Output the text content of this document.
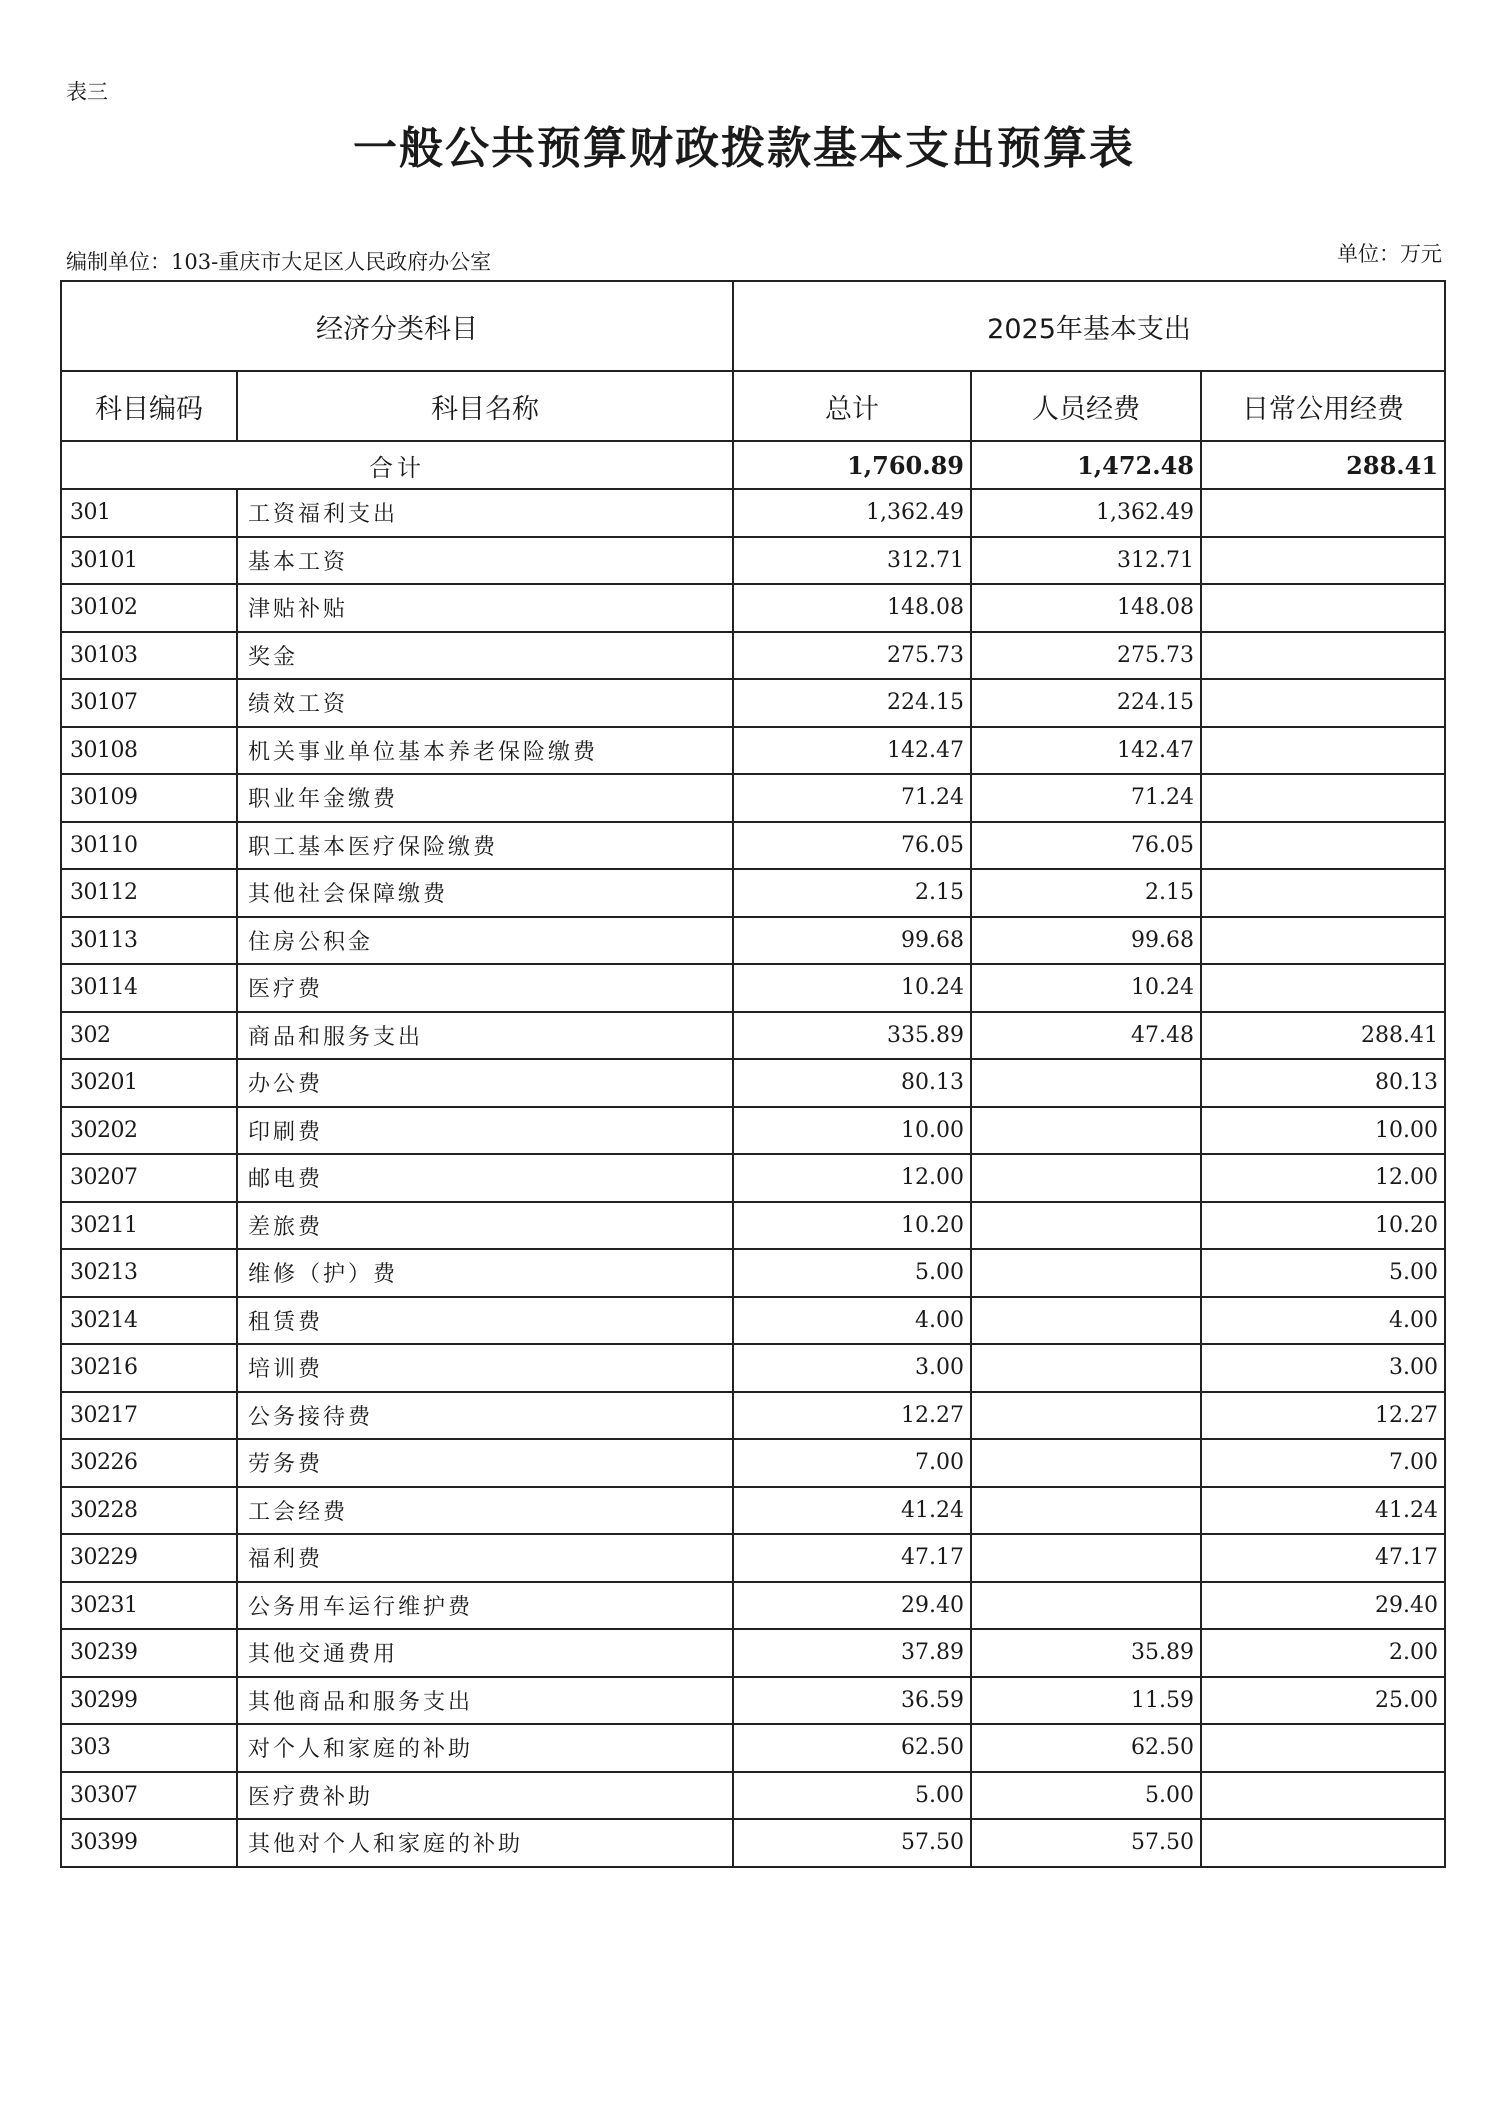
表三
一般公共预算财政拨款基本支出预算表
编制单位：103-重庆市大足区人民政府办公室	单位：万元
经济分类科目		2025年基本支出		
科目编码	科目名称	总计	人员经费	日常公用经费
合计		1,760.89	1,472.48	288.41
301	工资福利支出	1,362.49	1,362.49	
30101	基本工资	312.71	312.71	
30102	津贴补贴	148.08	148.08	
30103	奖金	275.73	275.73	
30107	绩效工资	224.15	224.15	
30108	机关事业单位基本养老保险缴费	142.47	142.47	
30109	职业年金缴费	71.24	71.24	
30110	职工基本医疗保险缴费	76.05	76.05	
30112	其他社会保障缴费	2.15	2.15	
30113	住房公积金	99.68	99.68	
30114	医疗费	10.24	10.24	
302	商品和服务支出	335.89	47.48	288.41
30201	办公费	80.13		80.13
30202	印刷费	10.00		10.00
30207	邮电费	12.00		12.00
30211	差旅费	10.20		10.20
30213	维修（护）费	5.00		5.00
30214	租赁费	4.00		4.00
30216	培训费	3.00		3.00
30217	公务接待费	12.27		12.27
30226	劳务费	7.00		7.00
30228	工会经费	41.24		41.24
30229	福利费	47.17		47.17
30231	公务用车运行维护费	29.40		29.40
30239	其他交通费用	37.89	35.89	2.00
30299	其他商品和服务支出	36.59	11.59	25.00
303	对个人和家庭的补助	62.50	62.50	
30307	医疗费补助	5.00	5.00	
30399	其他对个人和家庭的补助	57.50	57.50	
